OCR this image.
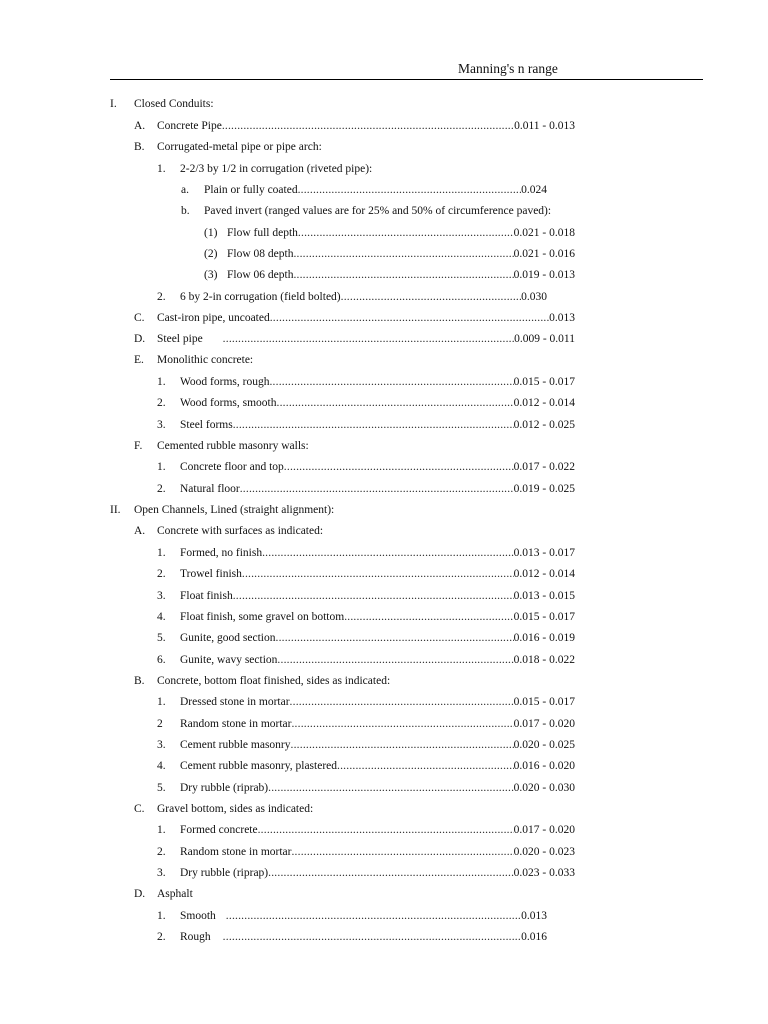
Manning's n range
I. Closed Conduits:
A. Concrete Pipe .....	0.011 - 0.013
B. Corrugated-metal pipe or pipe arch:
1. 2-2/3 by 1/2 in corrugation (riveted pipe):
a. Plain or fully coated .....	0.024
b. Paved invert (ranged values are for 25% and 50% of circumference paved):
(1) Flow full depth .....	0.021 - 0.018
(2) Flow 08 depth .....	0.021 - 0.016
(3) Flow 06 depth .....	0.019 - 0.013
2. 6 by 2-in corrugation (field bolted) .....	0.030
C. Cast-iron pipe, uncoated .....	0.013
D. Steel pipe .....	0.009 - 0.011
E. Monolithic concrete:
1. Wood forms, rough .....	0.015 - 0.017
2. Wood forms, smooth .....	0.012 - 0.014
3. Steel forms .....	0.012 - 0.025
F. Cemented rubble masonry walls:
1. Concrete floor and top .....	0.017 - 0.022
2. Natural floor .....	0.019 - 0.025
II. Open Channels, Lined (straight alignment):
A. Concrete with surfaces as indicated:
1. Formed, no finish .....	0.013 - 0.017
2. Trowel finish .....	0.012 - 0.014
3. Float finish .....	0.013 - 0.015
4. Float finish, some gravel on bottom .....	0.015 - 0.017
5. Gunite, good section .....	0.016 - 0.019
6. Gunite, wavy section .....	0.018 - 0.022
B. Concrete, bottom float finished, sides as indicated:
1. Dressed stone in mortar .....	0.015 - 0.017
2 Random stone in mortar .....	0.017 - 0.020
3. Cement rubble masonry .....	0.020 - 0.025
4. Cement rubble masonry, plastered .....	0.016 - 0.020
5. Dry rubble (riprab) .....	0.020 - 0.030
C. Gravel bottom, sides as indicated:
1. Formed concrete .....	0.017 - 0.020
2. Random stone in mortar .....	0.020 - 0.023
3. Dry rubble (riprap) .....	0.023 - 0.033
D. Asphalt
1. Smooth .....	0.013
2. Rough .....	0.016
